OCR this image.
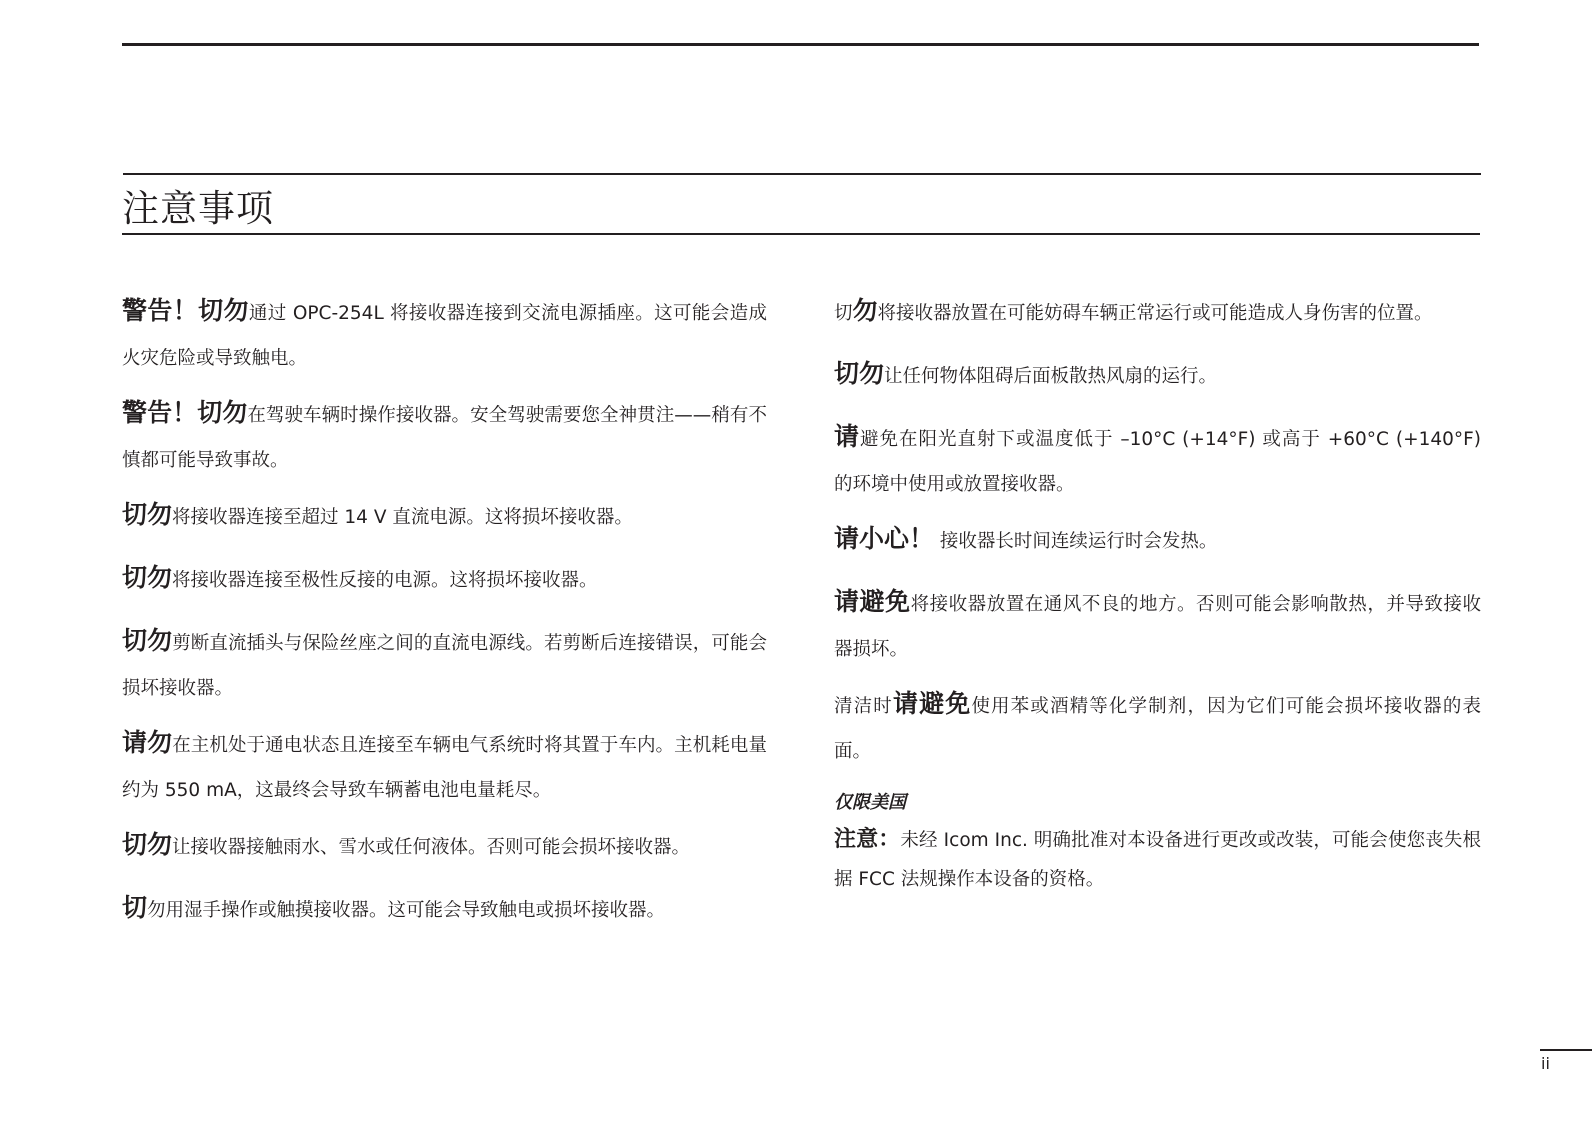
注意事项

警告！切勿通过 OPC-254L 将接收器连接到交流电源插座。这可能会造成火灾危险或导致触电。

警告！切勿在驾驶车辆时操作接收器。安全驾驶需要您全神贯注——稍有不慎都可能导致事故。

切勿将接收器连接至超过 14 V 直流电源。这将损坏接收器。

切勿将接收器连接至极性反接的电源。这将损坏接收器。

切勿剪断直流插头与保险丝座之间的直流电源线。若剪断后连接错误，可能会损坏接收器。

请勿在主机处于通电状态且连接至车辆电气系统时将其置于车内。主机耗电量约为 550 mA，这最终会导致车辆蓄电池电量耗尽。

切勿让接收器接触雨水、雪水或任何液体。否则可能会损坏接收器。

切勿用湿手操作或触摸接收器。这可能会导致触电或损坏接收器。

切勿将接收器放置在可能妨碍车辆正常运行或可能造成人身伤害的位置。

切勿让任何物体阻碍后面板散热风扇的运行。

请避免在阳光直射下或温度低于 –10°C (+14°F) 或高于 +60°C (+140°F) 的环境中使用或放置接收器。

请小心！ 接收器长时间连续运行时会发热。

请避免将接收器放置在通风不良的地方。否则可能会影响散热，并导致接收器损坏。

清洁时请避免使用苯或酒精等化学制剂，因为它们可能会损坏接收器的表面。

仅限美国

注意：未经 Icom Inc. 明确批准对本设备进行更改或改装，可能会使您丧失根据 FCC 法规操作本设备的资格。

ii
